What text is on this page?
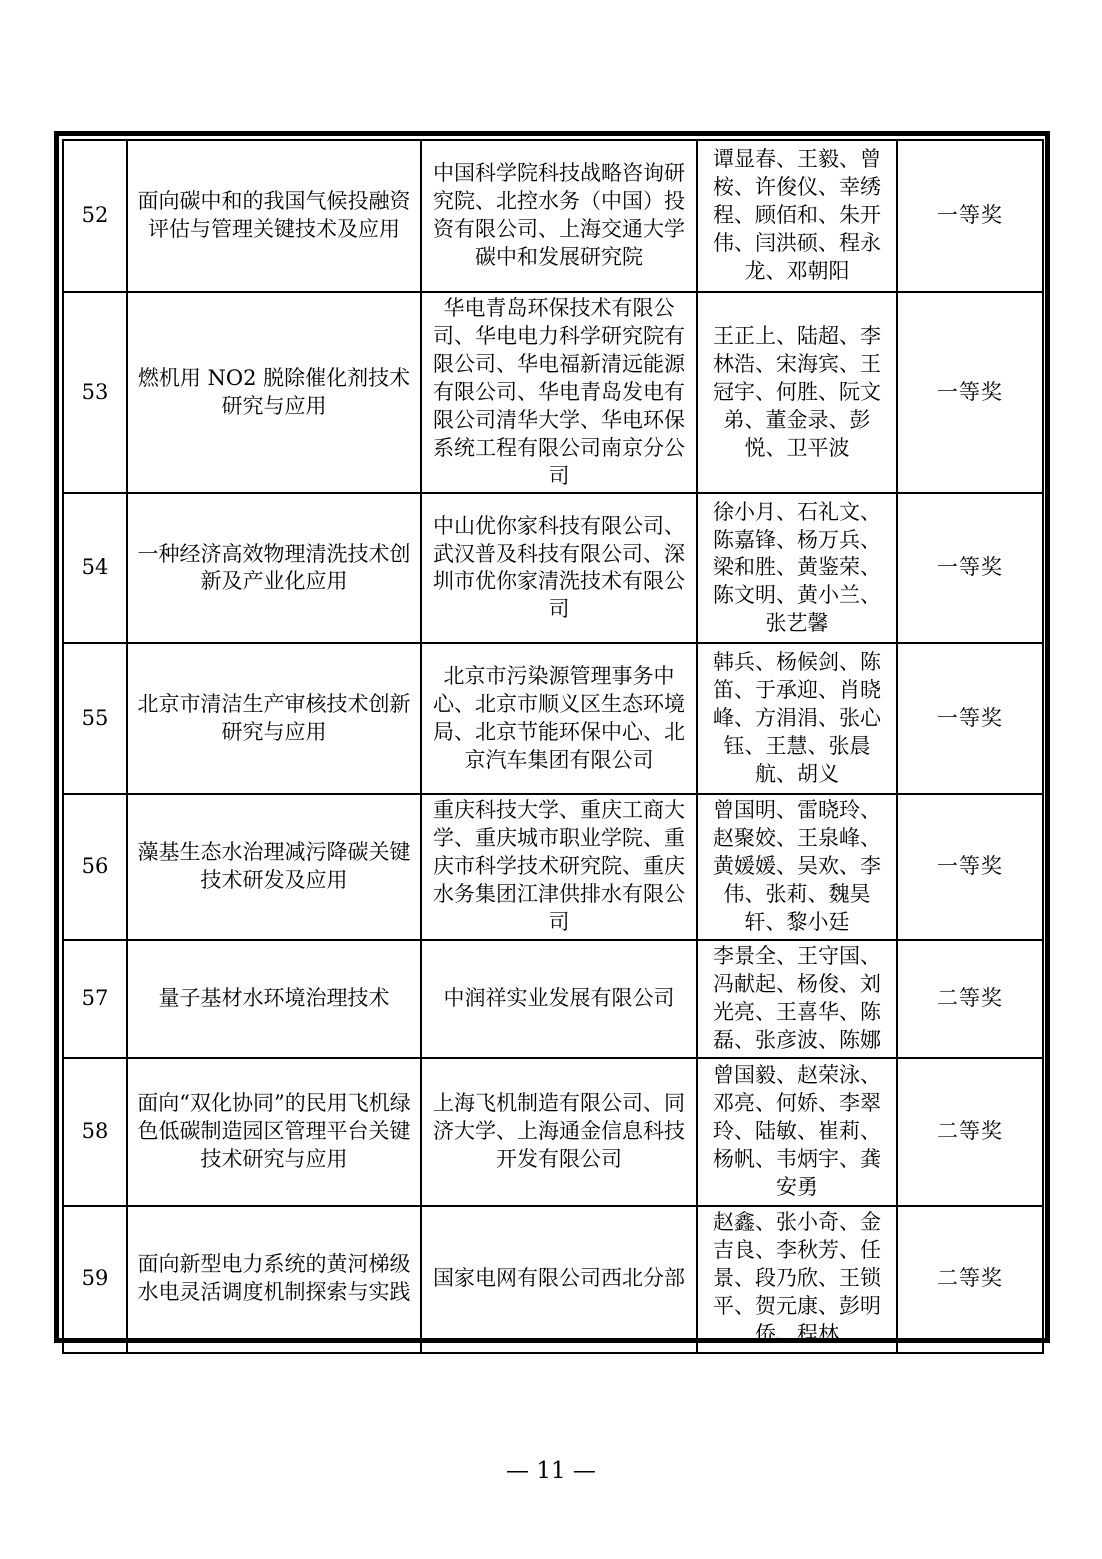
52	面向碳中和的我国气候投融资评估与管理关键技术及应用	中国科学院科技战略咨询研究院、北控水务（中国）投资有限公司、上海交通大学碳中和发展研究院	谭显春、王毅、曾桉、许俊仪、幸绣程、顾佰和、朱开伟、闫洪硕、程永龙、邓朝阳	一等奖
53	燃机用 NO2 脱除催化剂技术研究与应用	华电青岛环保技术有限公司、华电电力科学研究院有限公司、华电福新清远能源有限公司、华电青岛发电有限公司清华大学、华电环保系统工程有限公司南京分公司	王正上、陆超、李林浩、宋海宾、王冠宇、何胜、阮文弟、董金录、彭悦、卫平波	一等奖
54	一种经济高效物理清洗技术创新及产业化应用	中山优你家科技有限公司、武汉普及科技有限公司、深圳市优你家清洗技术有限公司	徐小月、石礼文、陈嘉锋、杨万兵、梁和胜、黄鉴荣、陈文明、黄小兰、张艺馨	一等奖
55	北京市清洁生产审核技术创新研究与应用	北京市污染源管理事务中心、北京市顺义区生态环境局、北京节能环保中心、北京汽车集团有限公司	韩兵、杨候剑、陈笛、于承迎、肖晓峰、方涓涓、张心钰、王慧、张晨航、胡义	一等奖
56	藻基生态水治理减污降碳关键技术研发及应用	重庆科技大学、重庆工商大学、重庆城市职业学院、重庆市科学技术研究院、重庆水务集团江津供排水有限公司	曾国明、雷晓玲、赵聚姣、王泉峰、黄媛媛、吴欢、李伟、张莉、魏昊轩、黎小廷	一等奖
57	量子基材水环境治理技术	中润祥实业发展有限公司	李景全、王守国、冯献起、杨俊、刘光亮、王喜华、陈磊、张彦波、陈娜	二等奖
58	面向“双化协同”的民用飞机绿色低碳制造园区管理平台关键技术研究与应用	上海飞机制造有限公司、同济大学、上海通金信息科技开发有限公司	曾国毅、赵荣泳、邓亮、何娇、李翠玲、陆敏、崔莉、杨帆、韦炳宇、龚安勇	二等奖
59	面向新型电力系统的黄河梯级水电灵活调度机制探索与实践	国家电网有限公司西北分部	赵鑫、张小奇、金吉良、李秋芳、任景、段乃欣、王锁平、贺元康、彭明侨、程林	二等奖
— 11 —
